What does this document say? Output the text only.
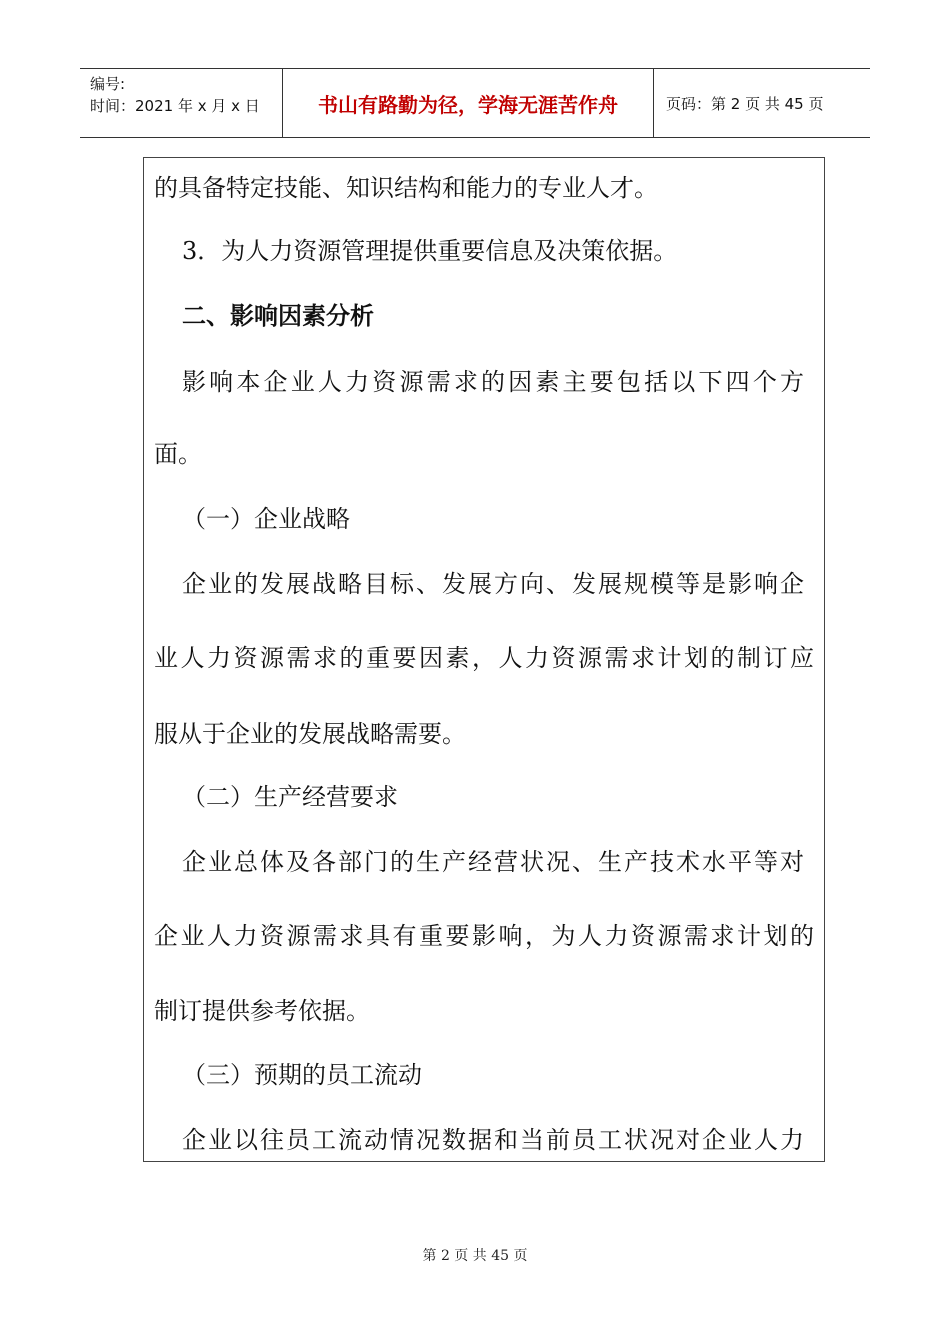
编号:
时间：2021 年 x 月 x 日	书山有路勤为径，学海无涯苦作舟	页码：第 2 页 共 45 页
的具备特定技能、知识结构和能力的专业人才。
3．为人力资源管理提供重要信息及决策依据。
二、影响因素分析
影响本企业人力资源需求的因素主要包括以下四个方
面。
（一）企业战略
企业的发展战略目标、发展方向、发展规模等是影响企
业人力资源需求的重要因素，人力资源需求计划的制订应
服从于企业的发展战略需要。
（二）生产经营要求
企业总体及各部门的生产经营状况、生产技术水平等对
企业人力资源需求具有重要影响，为人力资源需求计划的
制订提供参考依据。
（三）预期的员工流动
企业以往员工流动情况数据和当前员工状况对企业人力
第 2 页 共 45 页
